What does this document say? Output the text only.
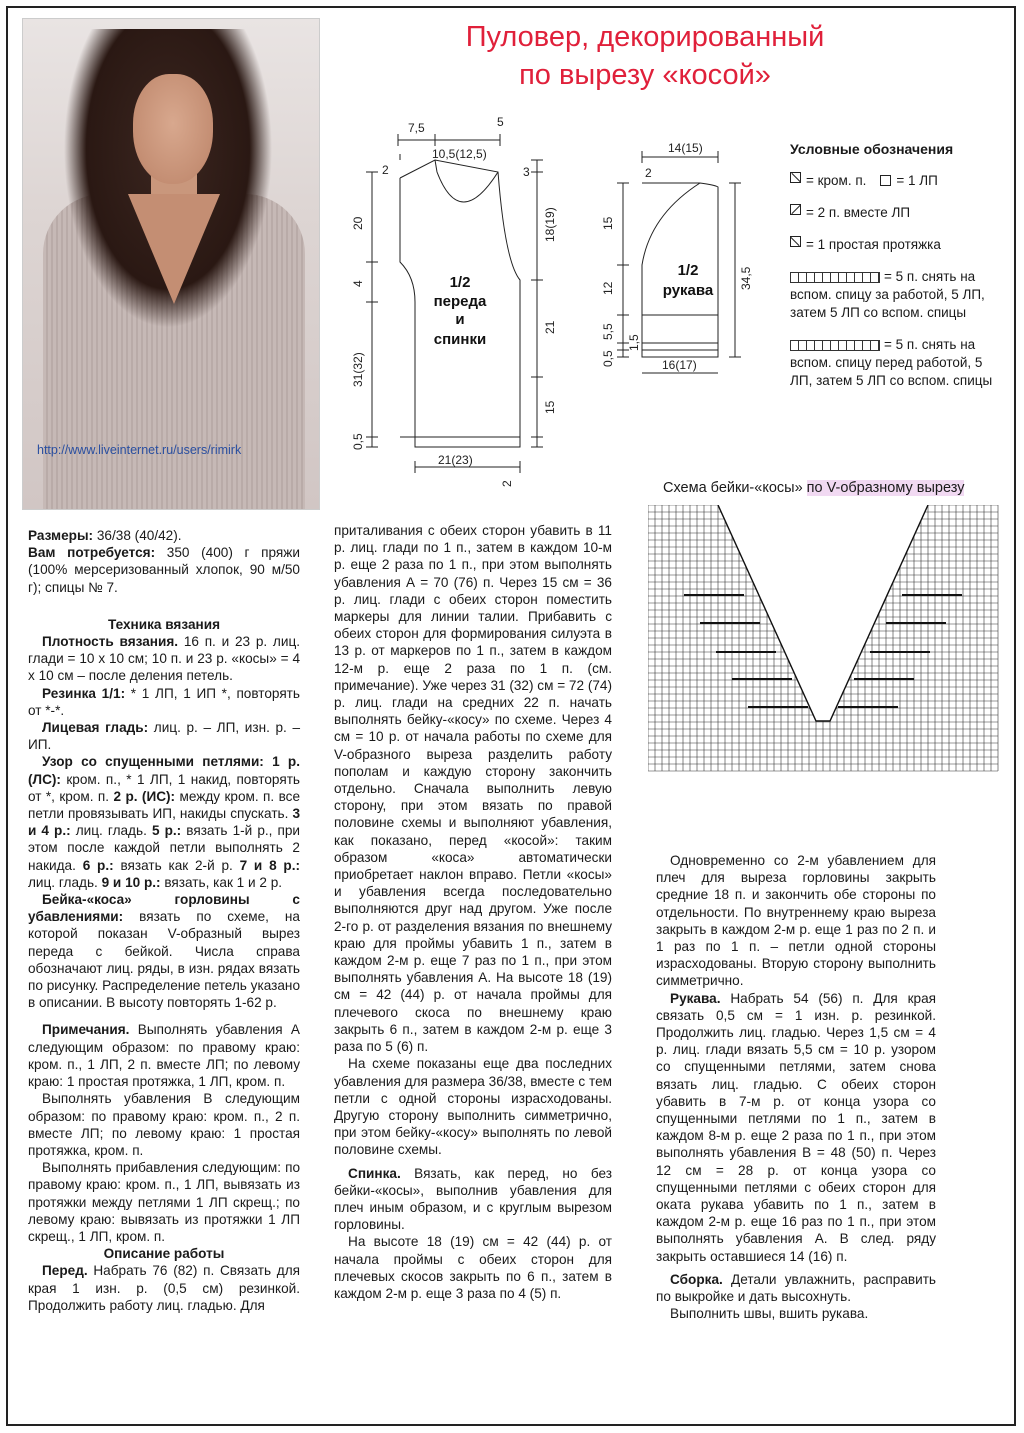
http://www.liveinternet.ru/users/rimirk
Пуловер, декорированный
по вырезу «косой»
7,5	5
10,5(12,5)
2	3
20
4
18(19)
21
31(32)
15
0,5
21(23)
2
1/2
переда
и
спинки
14(15)
2
15
12	34,5
5,5
1,5
0,5	16(17)
1/2
рукава
Условные обозначения
= кром. п.	= 1 ЛП
= 2 п. вместе ЛП
= 1 простая протяжка
= 5 п. снять на вспом. спицу за работой, 5 ЛП, затем 5 ЛП со вспом. спицы
= 5 п. снять на вспом. спицу перед работой, 5 ЛП, затем 5 ЛП со вспом. спицы
Схема бейки-«косы» по V-образному вырезу

Размеры: 36/38 (40/42).

Вам потребуется: 350 (400) г пряжи (100% мерсеризованный хлопок, 90 м/50 г); спицы № 7.

Техника вязания

Плотность вязания. 16 п. и 23 р. лиц. глади = 10 х 10 см; 10 п. и 23 р. «косы» = 4 х 10 см – после деления петель.

Резинка 1/1: * 1 ЛП, 1 ИП *, повторять от *-*.

Лицевая гладь: лиц. р. – ЛП, изн. р. – ИП.

Узор со спущенными петлями: 1 р. (ЛС): кром. п., * 1 ЛП, 1 накид, повторять от *, кром. п. 2 р. (ИС): между кром. п. все петли провязывать ИП, накиды спускать. 3 и 4 р.: лиц. гладь. 5 р.: вязать 1-й р., при этом после каждой петли выполнять 2 накида. 6 р.: вязать как 2-й р. 7 и 8 р.: лиц. гладь. 9 и 10 р.: вязать, как 1 и 2 р.

Бейка-«коса» горловины с убавлениями: вязать по схеме, на которой показан V-образный вырез переда с бейкой. Числа справа обозначают лиц. ряды, в изн. рядах вязать по рисунку. Распределение петель указано в описании. В высоту повторять 1-62 р.

Примечания. Выполнять убавления А следующим образом: по правому краю: кром. п., 1 ЛП, 2 п. вместе ЛП; по левому краю: 1 простая протяжка, 1 ЛП, кром. п.

Выполнять убавления В следующим образом: по правому краю: кром. п., 2 п. вместе ЛП; по левому краю: 1 простая протяжка, кром. п.

Выполнять прибавления следующим: по правому краю: кром. п., 1 ЛП, вывязать из протяжки между петлями 1 ЛП скрещ.; по левому краю: вывязать из протяжки 1 ЛП скрещ., 1 ЛП, кром. п.

Описание работы

Перед. Набрать 76 (82) п. Связать для края 1 изн. р. (0,5 см) резинкой. Продолжить работу лиц. гладью. Для

приталивания с обеих сторон убавить в 11 р. лиц. глади по 1 п., затем в каждом 10-м р. еще 2 раза по 1 п., при этом выполнять убавления А = 70 (76) п. Через 15 см = 36 р. лиц. глади с обеих сторон поместить маркеры для линии талии. Прибавить с обеих сторон для формирования силуэта в 13 р. от маркеров по 1 п., затем в каждом 12-м р. еще 2 раза по 1 п. (см. примечание). Уже через 31 (32) см = 72 (74) р. лиц. глади на средних 22 п. начать выполнять бейку-«косу» по схеме. Через 4 см = 10 р. от начала работы по схеме для V-образного выреза разделить работу пополам и каждую сторону закончить отдельно. Сначала выполнить левую сторону, при этом вязать по правой половине схемы и выполняют убавления, как показано, перед «косой»: таким образом «коса» автоматически приобретает наклон вправо. Петли «косы» и убавления всегда последовательно выполняются друг над другом. Уже после 2-го р. от разделения вязания по внешнему краю для проймы убавить 1 п., затем в каждом 2-м р. еще 7 раз по 1 п., при этом выполнять убавления А. На высоте 18 (19) см = 42 (44) р. от начала проймы для плечевого скоса по внешнему краю закрыть 6 п., затем в каждом 2-м р. еще 3 раза по 5 (6) п.

На схеме показаны еще два последних убавления для размера 36/38, вместе с тем петли с одной стороны израсходованы. Другую сторону выполнить симметрично, при этом бейку-«косу» выполнять по левой половине схемы.

Спинка. Вязать, как перед, но без бейки-«косы», выполнив убавления для плеч иным образом, и с круглым вырезом горловины.

На высоте 18 (19) см = 42 (44) р. от начала проймы с обеих сторон для плечевых скосов закрыть по 6 п., затем в каждом 2-м р. еще 3 раза по 4 (5) п.

Одновременно со 2-м убавлением для плеч для выреза горловины закрыть средние 18 п. и закончить обе стороны по отдельности. По внутреннему краю выреза закрыть в каждом 2-м р. еще 1 раз по 2 п. и 1 раз по 1 п. – петли одной стороны израсходованы. Вторую сторону выполнить симметрично.

Рукава. Набрать 54 (56) п. Для края связать 0,5 см = 1 изн. р. резинкой. Продолжить лиц. гладью. Через 1,5 см = 4 р. лиц. глади вязать 5,5 см = 10 р. узором со спущенными петлями, затем снова вязать лиц. гладью. С обеих сторон убавить в 7-м р. от конца узора со спущенными петлями по 1 п., затем в каждом 8-м р. еще 2 раза по 1 п., при этом выполнять убавления В = 48 (50) п. Через 12 см = 28 р. от конца узора со спущенными петлями с обеих сторон для оката рукава убавить по 1 п., затем в каждом 2-м р. еще 16 раз по 1 п., при этом выполнять убавления А. В след. ряду закрыть оставшиеся 14 (16) п.

Сборка. Детали увлажнить, расправить по выкройке и дать высохнуть.

Выполнить швы, вшить рукава.
